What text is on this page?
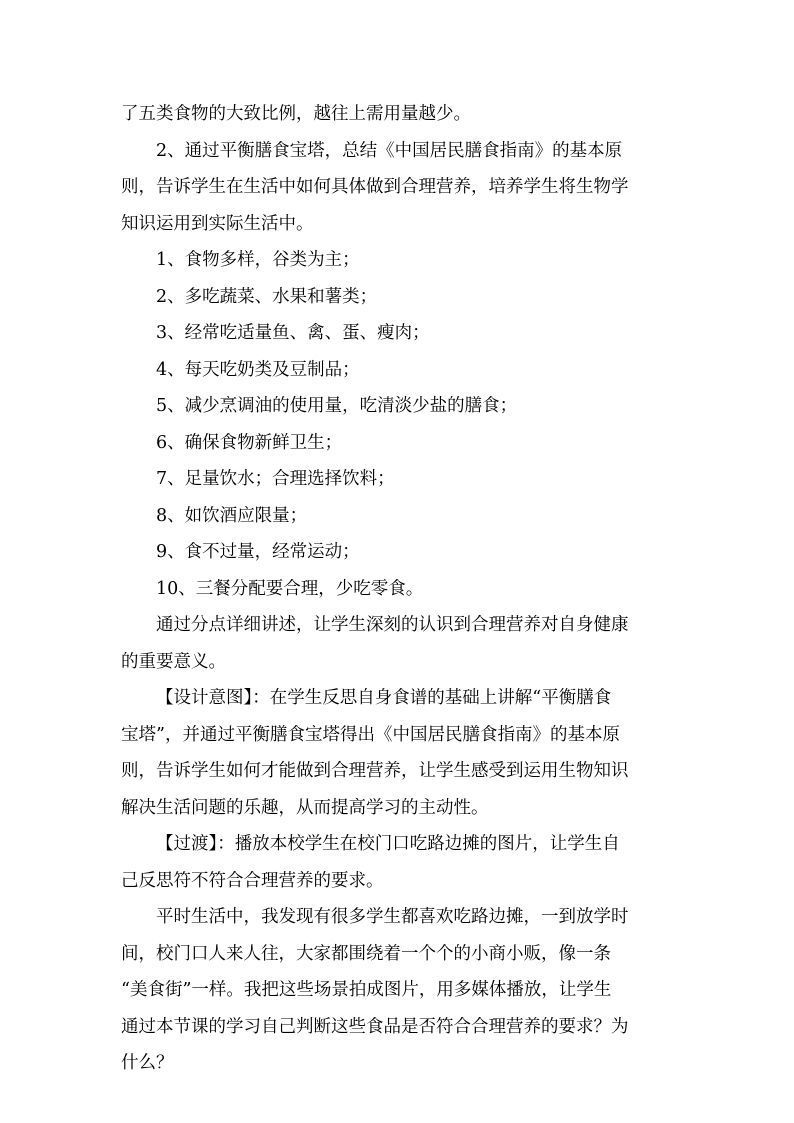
了五类食物的大致比例，越往上需用量越少。
2、通过平衡膳食宝塔，总结《中国居民膳食指南》的基本原
则，告诉学生在生活中如何具体做到合理营养，培养学生将生物学
知识运用到实际生活中。
1、食物多样，谷类为主；
2、多吃蔬菜、水果和薯类；
3、经常吃适量鱼、禽、蛋、瘦肉；
4、每天吃奶类及豆制品；
5、减少烹调油的使用量，吃清淡少盐的膳食；
6、确保食物新鲜卫生；
7、足量饮水；合理选择饮料；
8、如饮酒应限量；
9、食不过量，经常运动；
10、三餐分配要合理，少吃零食。
通过分点详细讲述，让学生深刻的认识到合理营养对自身健康
的重要意义。
【设计意图】：在学生反思自身食谱的基础上讲解“平衡膳食
宝塔”，并通过平衡膳食宝塔得出《中国居民膳食指南》的基本原
则，告诉学生如何才能做到合理营养，让学生感受到运用生物知识
解决生活问题的乐趣，从而提高学习的主动性。
【过渡】：播放本校学生在校门口吃路边摊的图片，让学生自
己反思符不符合合理营养的要求。
平时生活中，我发现有很多学生都喜欢吃路边摊，一到放学时
间，校门口人来人往，大家都围绕着一个个的小商小贩，像一条
“美食街”一样。我把这些场景拍成图片，用多媒体播放，让学生
通过本节课的学习自己判断这些食品是否符合合理营养的要求？为
什么？
